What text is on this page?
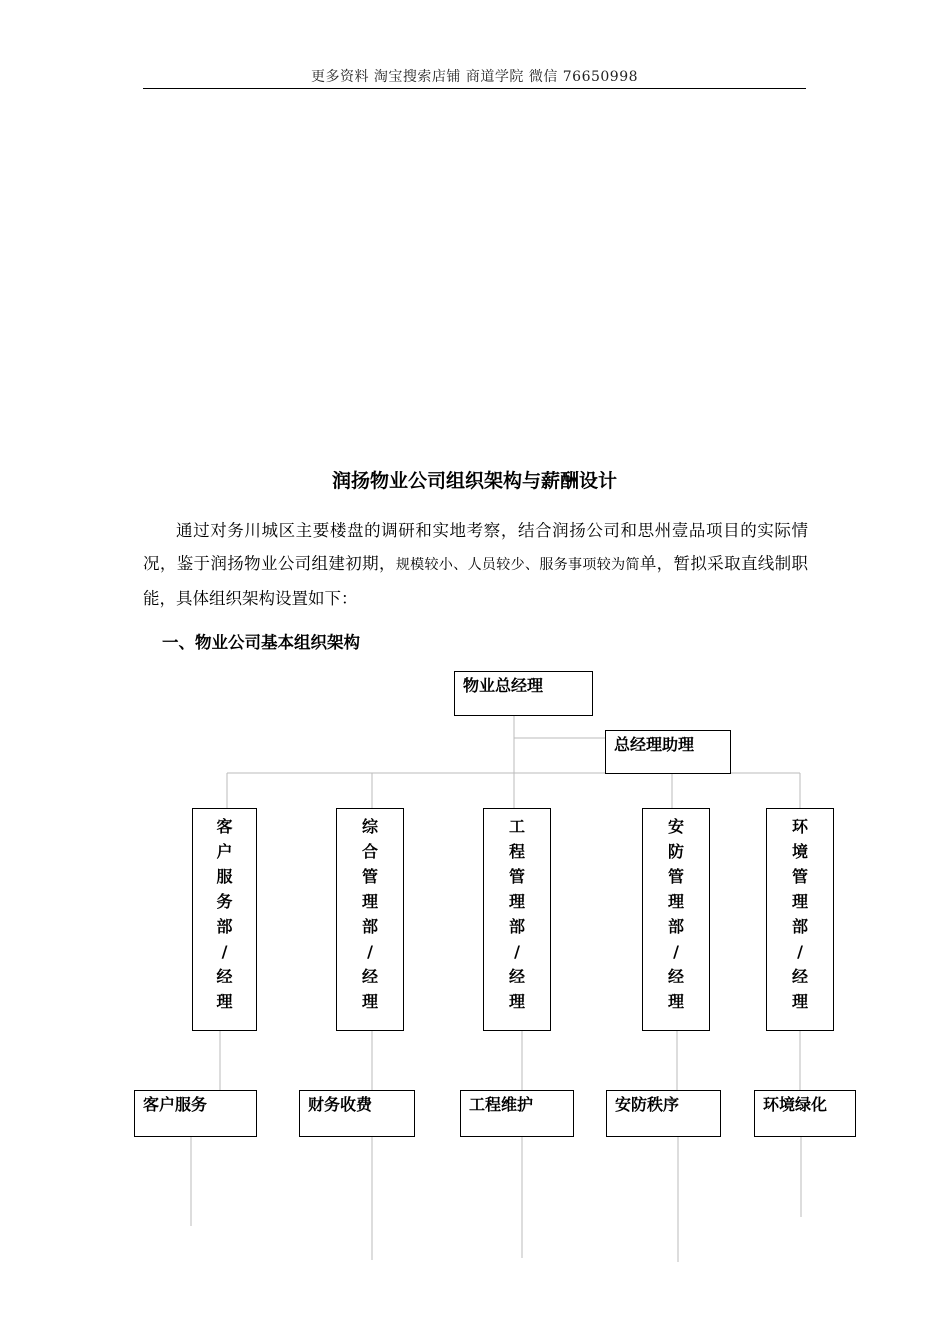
更多资料 淘宝搜索店铺 商道学院 微信 76650998
润扬物业公司组织架构与薪酬设计
通过对务川城区主要楼盘的调研和实地考察，结合润扬公司和思州壹品项目的实际情况，鉴于润扬物业公司组建初期，规模较小、人员较少、服务事项较为简单，暂拟采取直线制职能，具体组织架构设置如下：
一、物业公司基本组织架构
物业总经理
总经理助理
客
户
服
务
部
/
经
理
综
合
管
理
部
/
经
理
工
程
管
理
部
/
经
理
安
防
管
理
部
/
经
理
环
境
管
理
部
/
经
理
客户服务	财务收费	工程维护	安防秩序	环境绿化
